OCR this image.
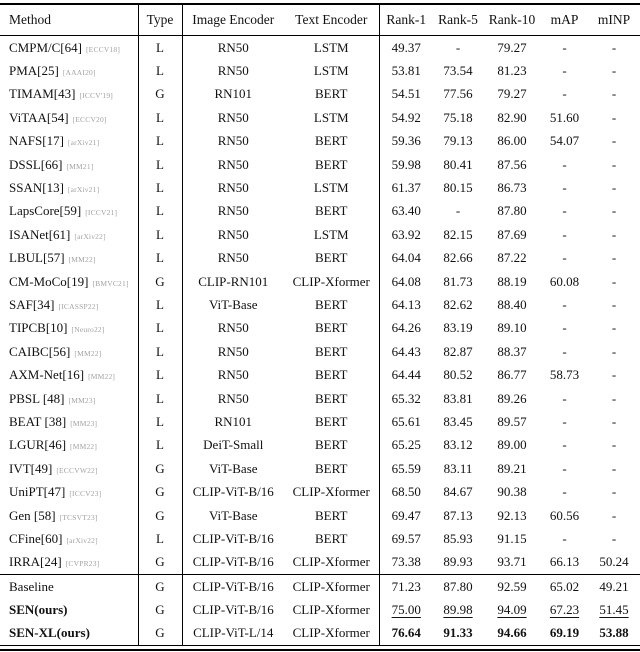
Method	Type	Image Encoder	Text Encoder	Rank-1	Rank-5	Rank-10	mAP	mINP
CMPM/C[64] [ECCV18]	L	RN50	LSTM	49.37	-	79.27	-	-
PMA[25] [AAAI20]	L	RN50	LSTM	53.81	73.54	81.23	-	-
TIMAM[43] [ICCV'19]	G	RN101	BERT	54.51	77.56	79.27	-	-
ViTAA[54] [ECCV20]	L	RN50	LSTM	54.92	75.18	82.90	51.60	-
NAFS[17] [arXiv21]	L	RN50	BERT	59.36	79.13	86.00	54.07	-
DSSL[66] [MM21]	L	RN50	BERT	59.98	80.41	87.56	-	-
SSAN[13] [arXiv21]	L	RN50	LSTM	61.37	80.15	86.73	-	-
LapsCore[59] [ICCV21]	L	RN50	BERT	63.40	-	87.80	-	-
ISANet[61] [arXiv22]	L	RN50	LSTM	63.92	82.15	87.69	-	-
LBUL[57] [MM22]	L	RN50	BERT	64.04	82.66	87.22	-	-
CM-MoCo[19] [BMVC21]	G	CLIP-RN101	CLIP-Xformer	64.08	81.73	88.19	60.08	-
SAF[34] [ICASSP22]	L	ViT-Base	BERT	64.13	82.62	88.40	-	-
TIPCB[10] [Neuro22]	L	RN50	BERT	64.26	83.19	89.10	-	-
CAIBC[56] [MM22]	L	RN50	BERT	64.43	82.87	88.37	-	-
AXM-Net[16] [MM22]	L	RN50	BERT	64.44	80.52	86.77	58.73	-
PBSL [48] [MM23]	L	RN50	BERT	65.32	83.81	89.26	-	-
BEAT [38] [MM23]	L	RN101	BERT	65.61	83.45	89.57	-	-
LGUR[46] [MM22]	L	DeiT-Small	BERT	65.25	83.12	89.00	-	-
IVT[49] [ECCVW22]	G	ViT-Base	BERT	65.59	83.11	89.21	-	-
UniPT[47] [ICCV23]	G	CLIP-ViT-B/16	CLIP-Xformer	68.50	84.67	90.38	-	-
Gen [58] [TCSVT23]	G	ViT-Base	BERT	69.47	87.13	92.13	60.56	-
CFine[60] [arXiv22]	L	CLIP-ViT-B/16	BERT	69.57	85.93	91.15	-	-
IRRA[24] [CVPR23]	G	CLIP-ViT-B/16	CLIP-Xformer	73.38	89.93	93.71	66.13	50.24
Baseline	G	CLIP-ViT-B/16	CLIP-Xformer	71.23	87.80	92.59	65.02	49.21
SEN(ours)	G	CLIP-ViT-B/16	CLIP-Xformer	75.00	89.98	94.09	67.23	51.45
SEN-XL(ours)	G	CLIP-ViT-L/14	CLIP-Xformer	76.64	91.33	94.66	69.19	53.88
